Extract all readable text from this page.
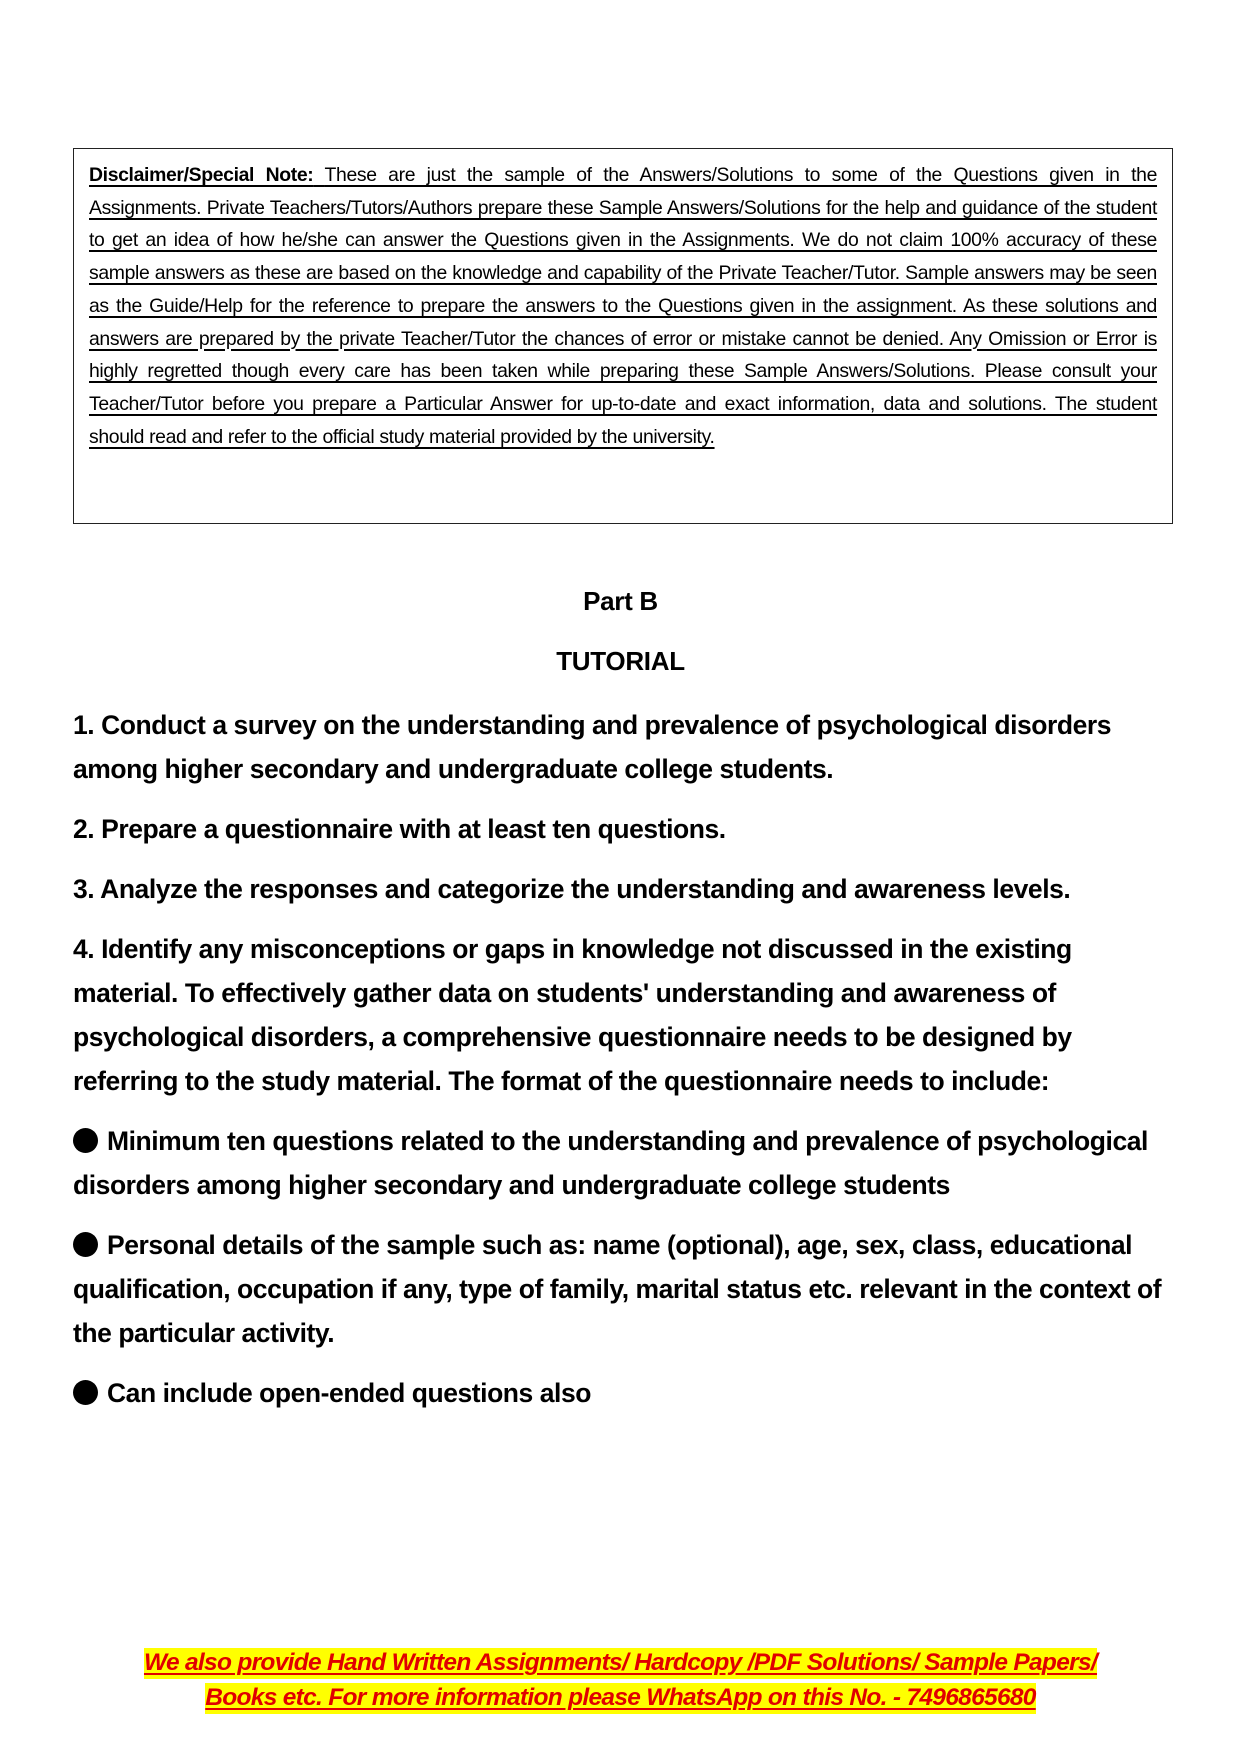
Disclaimer/Special Note: These are just the sample of the Answers/Solutions to some of the Questions given in the Assignments. Private Teachers/Tutors/Authors prepare these Sample Answers/Solutions for the help and guidance of the student to get an idea of how he/she can answer the Questions given in the Assignments. We do not claim 100% accuracy of these sample answers as these are based on the knowledge and capability of the Private Teacher/Tutor. Sample answers may be seen as the Guide/Help for the reference to prepare the answers to the Questions given in the assignment. As these solutions and answers are prepared by the private Teacher/Tutor the chances of error or mistake cannot be denied. Any Omission or Error is highly regretted though every care has been taken while preparing these Sample Answers/Solutions. Please consult your Teacher/Tutor before you prepare a Particular Answer for up-to-date and exact information, data and solutions. The student should read and refer to the official study material provided by the university.

Part B
TUTORIAL

1. Conduct a survey on the understanding and prevalence of psychological disorders among higher secondary and undergraduate college students.

2. Prepare a questionnaire with at least ten questions.

3. Analyze the responses and categorize the understanding and awareness levels.

4. Identify any misconceptions or gaps in knowledge not discussed in the existing material. To effectively gather data on students' understanding and awareness of psychological disorders, a comprehensive questionnaire needs to be designed by referring to the study material. The format of the questionnaire needs to include:

Minimum ten questions related to the understanding and prevalence of psychological disorders among higher secondary and undergraduate college students

Personal details of the sample such as: name (optional), age, sex, class, educational qualification, occupation if any, type of family, marital status etc. relevant in the context of the particular activity.

Can include open-ended questions also

We also provide Hand Written Assignments/ Hardcopy /PDF Solutions/ Sample Papers/
Books etc. For more information please WhatsApp on this No. - 7496865680
